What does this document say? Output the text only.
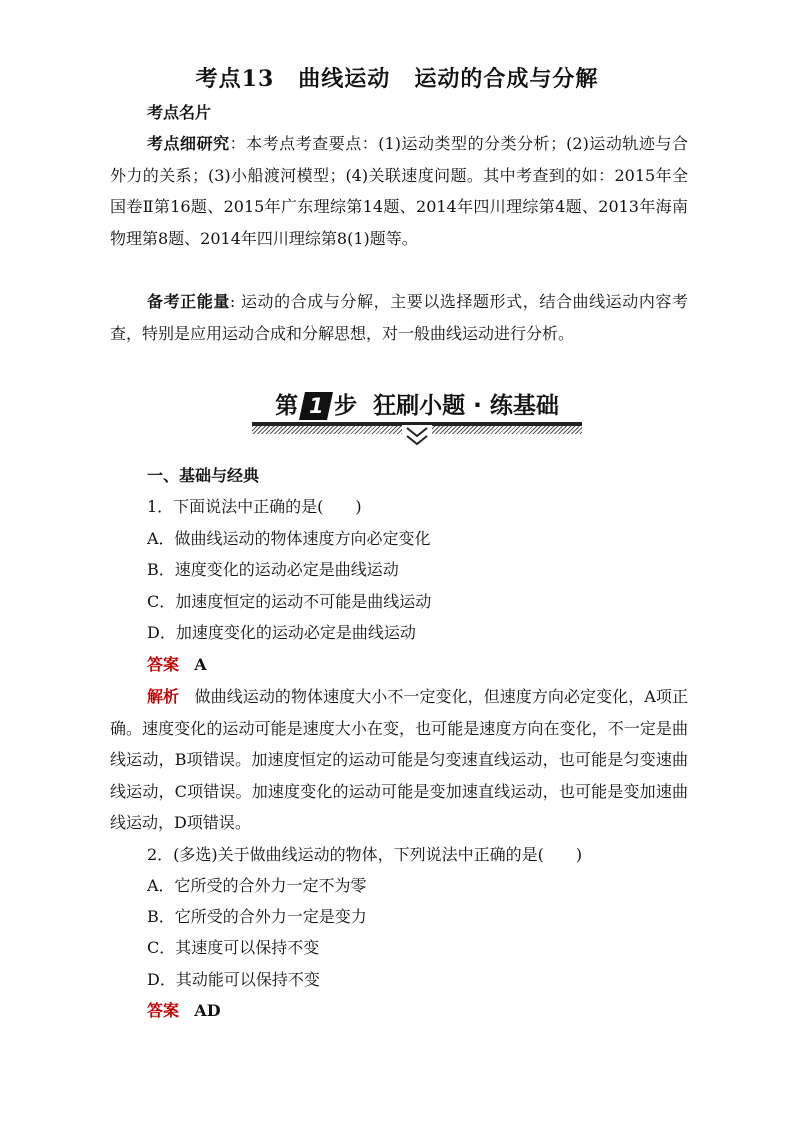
考点13 曲线运动 运动的合成与分解
考点名片
考点细研究：本考点考查要点：(1)运动类型的分类分析；(2)运动轨迹与合外力的关系；(3)小船渡河模型；(4)关联速度问题。其中考查到的如：2015年全国卷Ⅱ第16题、2015年广东理综第14题、2014年四川理综第4题、2013年海南物理第8题、2014年四川理综第8(1)题等。
备考正能量: 运动的合成与分解，主要以选择题形式，结合曲线运动内容考查，特别是应用运动合成和分解思想，对一般曲线运动进行分析。
第 1 步 狂刷小题 · 练基础
一、基础与经典
1．下面说法中正确的是(　　)
A．做曲线运动的物体速度方向必定变化
B．速度变化的运动必定是曲线运动
C．加速度恒定的运动不可能是曲线运动
D．加速度变化的运动必定是曲线运动
答案 A
解析 做曲线运动的物体速度大小不一定变化，但速度方向必定变化，A项正确。速度变化的运动可能是速度大小在变，也可能是速度方向在变化，不一定是曲线运动，B项错误。加速度恒定的运动可能是匀变速直线运动，也可能是匀变速曲线运动，C项错误。加速度变化的运动可能是变加速直线运动，也可能是变加速曲线运动，D项错误。
2．(多选)关于做曲线运动的物体，下列说法中正确的是(　　)
A．它所受的合外力一定不为零
B．它所受的合外力一定是变力
C．其速度可以保持不变
D．其动能可以保持不变
答案 AD
